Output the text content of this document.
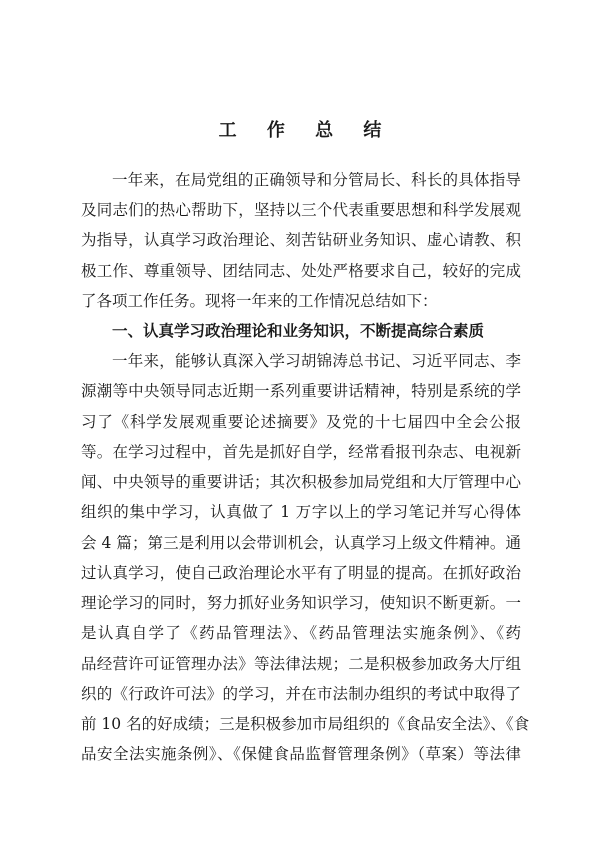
工 作 总 结
一年来，在局党组的正确领导和分管局长、科长的具体指导
及同志们的热心帮助下，坚持以三个代表重要思想和科学发展观
为指导，认真学习政治理论、刻苦钻研业务知识、虚心请教、积
极工作、尊重领导、团结同志、处处严格要求自己，较好的完成
了各项工作任务。现将一年来的工作情况总结如下：
一、认真学习政治理论和业务知识，不断提高综合素质
一年来，能够认真深入学习胡锦涛总书记、习近平同志、李
源潮等中央领导同志近期一系列重要讲话精神，特别是系统的学
习了《科学发展观重要论述摘要》及党的十七届四中全会公报
等。在学习过程中，首先是抓好自学，经常看报刊杂志、电视新
闻、中央领导的重要讲话；其次积极参加局党组和大厅管理中心
组织的集中学习，认真做了 1 万字以上的学习笔记并写心得体
会 4 篇；第三是利用以会带训机会，认真学习上级文件精神。通
过认真学习，使自己政治理论水平有了明显的提高。在抓好政治
理论学习的同时，努力抓好业务知识学习，使知识不断更新。一
是认真自学了《药品管理法》、《药品管理法实施条例》、《药
品经营许可证管理办法》等法律法规；二是积极参加政务大厅组
织的《行政许可法》的学习，并在市法制办组织的考试中取得了
前 10 名的好成绩；三是积极参加市局组织的《食品安全法》、《食
品安全法实施条例》、《保健食品监督管理条例》（草案）等法律
